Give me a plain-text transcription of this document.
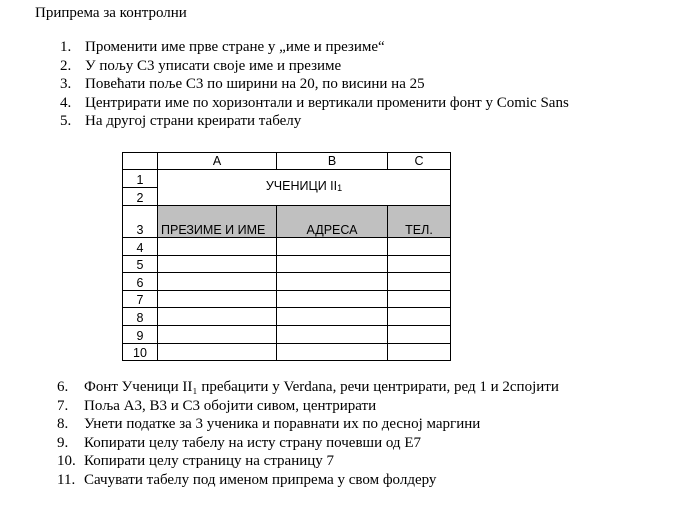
Припрема за контролни
1. Променити име прве стране у „име и презиме“
2. У пољу C3 уписати своје име и презиме
3. Повећати поље C3 по ширини на 20, по висини на 25
4. Центрирати име по хоризонтали и вертикали променити фонт у Comic Sans
5. На другој страни креирати табелу
	A	B	C
1	УЧЕНИЦИ $II_1$
2			
3	ПРЕЗИМЕ И ИМЕ	АДРЕСА	ТЕЛ.
4			
5			
6			
7			
8			
9			
10			
6. Фонт Ученици II₁ пребацити у Verdana, речи центрирати, ред 1 и 2спојити
7. Поља А3, B3 и C3 обојити сивом, центрирати
8. Унети податке за 3 ученика и поравнати их по десној маргини
9. Копирати целу табелу на исту страну почевши од Е7
10. Копирати целу страницу на страницу 7
11. Сачувати табелу под именом припрема у свом фолдеру
